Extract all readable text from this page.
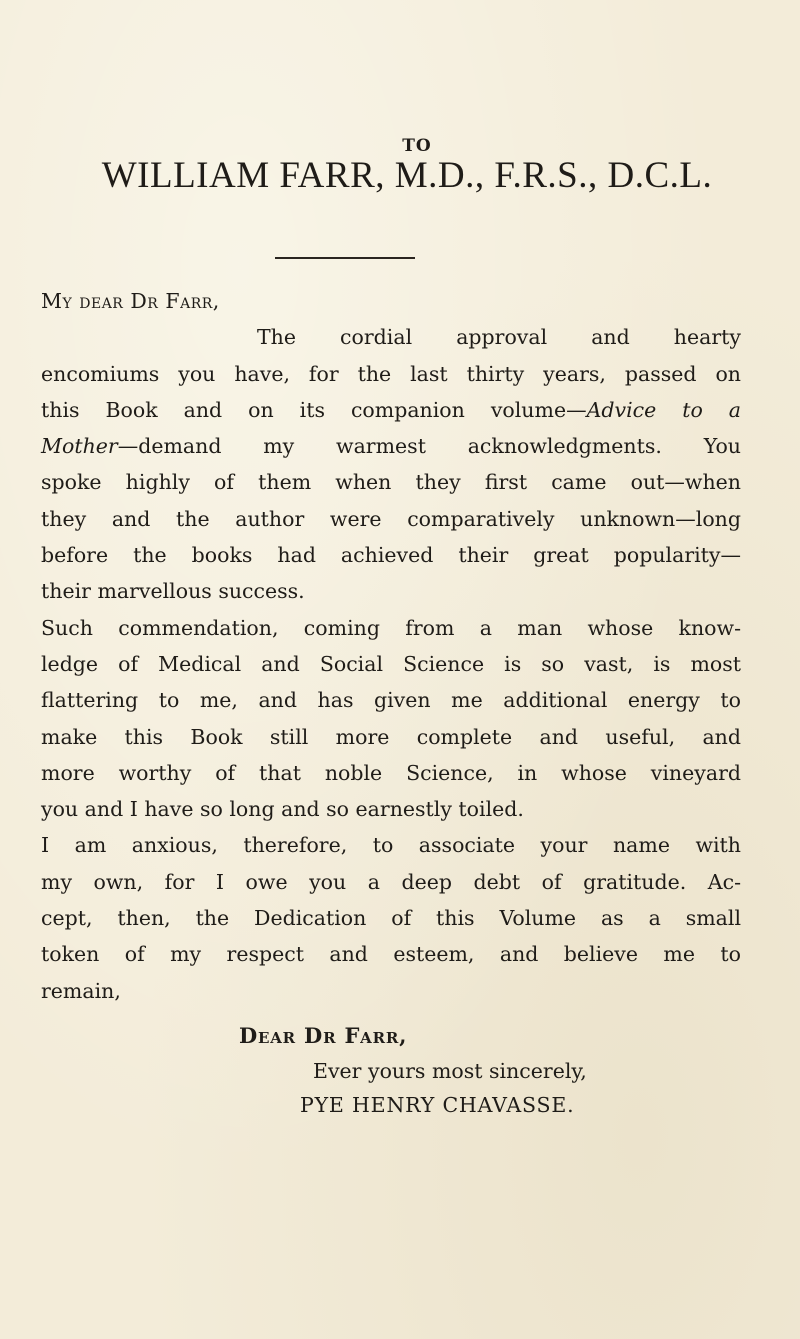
TO
WILLIAM FARR, M.D., F.R.S., D.C.L.
My dear Dr Farr,
The cordial approval and hearty
encomiums you have, for the last thirty years, passed on
this Book and on its companion volume—Advice to a
Mother—demand my warmest acknowledgments. You
spoke highly of them when they first came out—when
they and the author were comparatively unknown—long
before the books had achieved their great popularity—
their marvellous success.
Such commendation, coming from a man whose know-
ledge of Medical and Social Science is so vast, is most
flattering to me, and has given me additional energy to
make this Book still more complete and useful, and
more worthy of that noble Science, in whose vineyard
you and I have so long and so earnestly toiled.
I am anxious, therefore, to associate your name with
my own, for I owe you a deep debt of gratitude. Ac-
cept, then, the Dedication of this Volume as a small
token of my respect and esteem, and believe me to
remain,
Dear Dr Farr,
Ever yours most sincerely,
PYE HENRY CHAVASSE.
